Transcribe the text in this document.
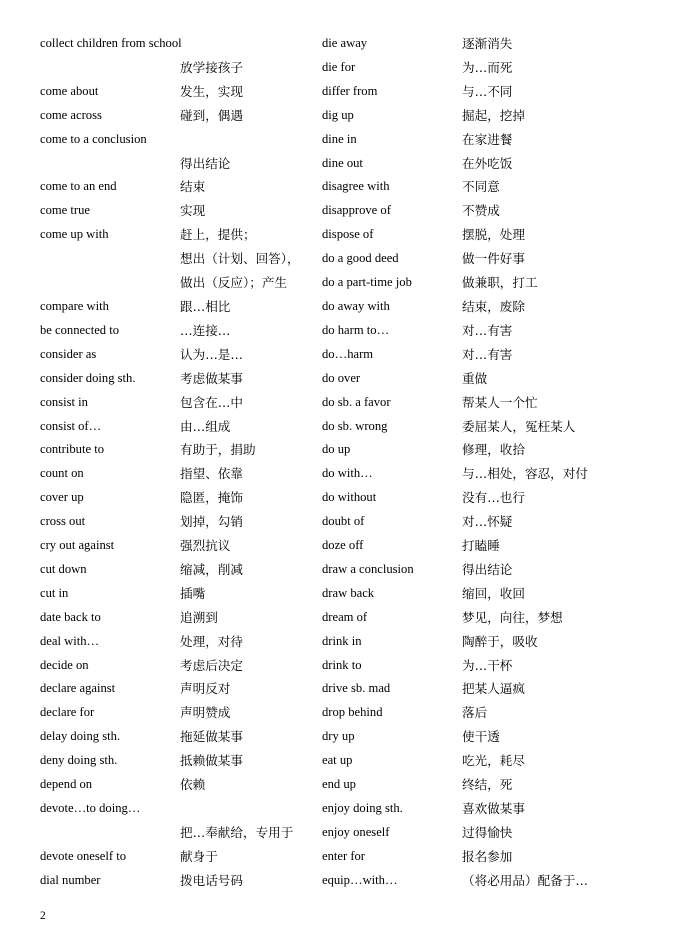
collect children from school	
	放学接孩子
come about	发生，实现
come across	碰到，偶遇
come to a conclusion	
	得出结论
come to an end	结束
come true	实现
come up with	赶上，提供；
	想出（计划、回答），
	做出（反应）；产生
compare with	跟…相比
be connected to	…连接…
consider as	认为…是…
consider doing sth.	考虑做某事
consist in	包含在…中
consist of…	由…组成
contribute to	有助于，捐助
count on	指望、依靠
cover up	隐匿，掩饰
cross out	划掉，勾销
cry out against	强烈抗议
cut down	缩减，削减
cut in	插嘴
date back to	追溯到
deal with…	处理，对待
decide on	考虑后决定
declare against	声明反对
declare for	声明赞成
delay doing sth.	拖延做某事
deny doing sth.	抵赖做某事
depend on	依赖
devote…to doing…	
	把…奉献给，专用于
devote oneself to	献身于
dial number	拨电话号码
die away	逐渐消失
die for	为…而死
differ from	与…不同
dig up	掘起，挖掉
dine in	在家进餐
dine out	在外吃饭
disagree with	不同意
disapprove of	不赞成
dispose of	摆脱，处理
do a good deed	做一件好事
do a part-time job	做兼职，打工
do away with	结束，废除
do harm to…	对…有害
do…harm	对…有害
do over	重做
do sb. a favor	帮某人一个忙
do sb. wrong	委屈某人，冤枉某人
do up	修理，收拾
do with…	与…相处，容忍，对付
do without	没有…也行
doubt of	对…怀疑
doze off	打瞌睡
draw a conclusion	得出结论
draw back	缩回，收回
dream of	梦见，向往，梦想
drink in	陶醉于，吸收
drink to	为…干杯
drive sb. mad	把某人逼疯
drop behind	落后
dry up	使干透
eat up	吃光，耗尽
end up	终结，死
enjoy doing sth.	喜欢做某事
enjoy oneself	过得愉快
enter for	报名参加
equip…with…	（将必用品）配备于…
2
